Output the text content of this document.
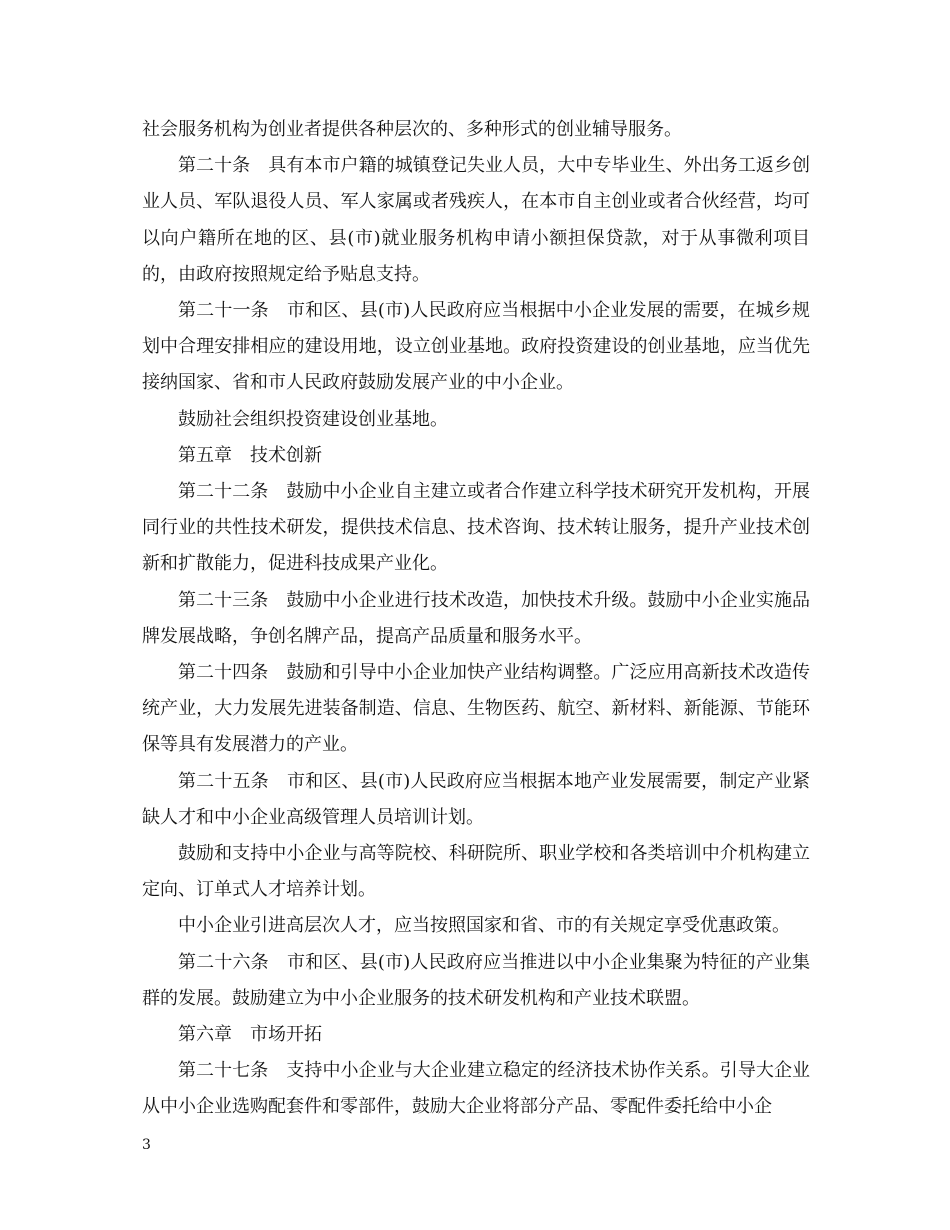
社会服务机构为创业者提供各种层次的、多种形式的创业辅导服务。

第二十条　具有本市户籍的城镇登记失业人员，大中专毕业生、外出务工返乡创业人员、军队退役人员、军人家属或者残疾人，在本市自主创业或者合伙经营，均可以向户籍所在地的区、县(市)就业服务机构申请小额担保贷款，对于从事微利项目的，由政府按照规定给予贴息支持。

第二十一条　市和区、县(市)人民政府应当根据中小企业发展的需要，在城乡规划中合理安排相应的建设用地，设立创业基地。政府投资建设的创业基地，应当优先接纳国家、省和市人民政府鼓励发展产业的中小企业。

鼓励社会组织投资建设创业基地。

第五章　技术创新

第二十二条　鼓励中小企业自主建立或者合作建立科学技术研究开发机构，开展同行业的共性技术研发，提供技术信息、技术咨询、技术转让服务，提升产业技术创新和扩散能力，促进科技成果产业化。

第二十三条　鼓励中小企业进行技术改造，加快技术升级。鼓励中小企业实施品牌发展战略，争创名牌产品，提高产品质量和服务水平。

第二十四条　鼓励和引导中小企业加快产业结构调整。广泛应用高新技术改造传统产业，大力发展先进装备制造、信息、生物医药、航空、新材料、新能源、节能环保等具有发展潜力的产业。

第二十五条　市和区、县(市)人民政府应当根据本地产业发展需要，制定产业紧缺人才和中小企业高级管理人员培训计划。

鼓励和支持中小企业与高等院校、科研院所、职业学校和各类培训中介机构建立定向、订单式人才培养计划。

中小企业引进高层次人才，应当按照国家和省、市的有关规定享受优惠政策。

第二十六条　市和区、县(市)人民政府应当推进以中小企业集聚为特征的产业集群的发展。鼓励建立为中小企业服务的技术研发机构和产业技术联盟。

第六章　市场开拓

第二十七条　支持中小企业与大企业建立稳定的经济技术协作关系。引导大企业从中小企业选购配套件和零部件，鼓励大企业将部分产品、零配件委托给中小企

3
